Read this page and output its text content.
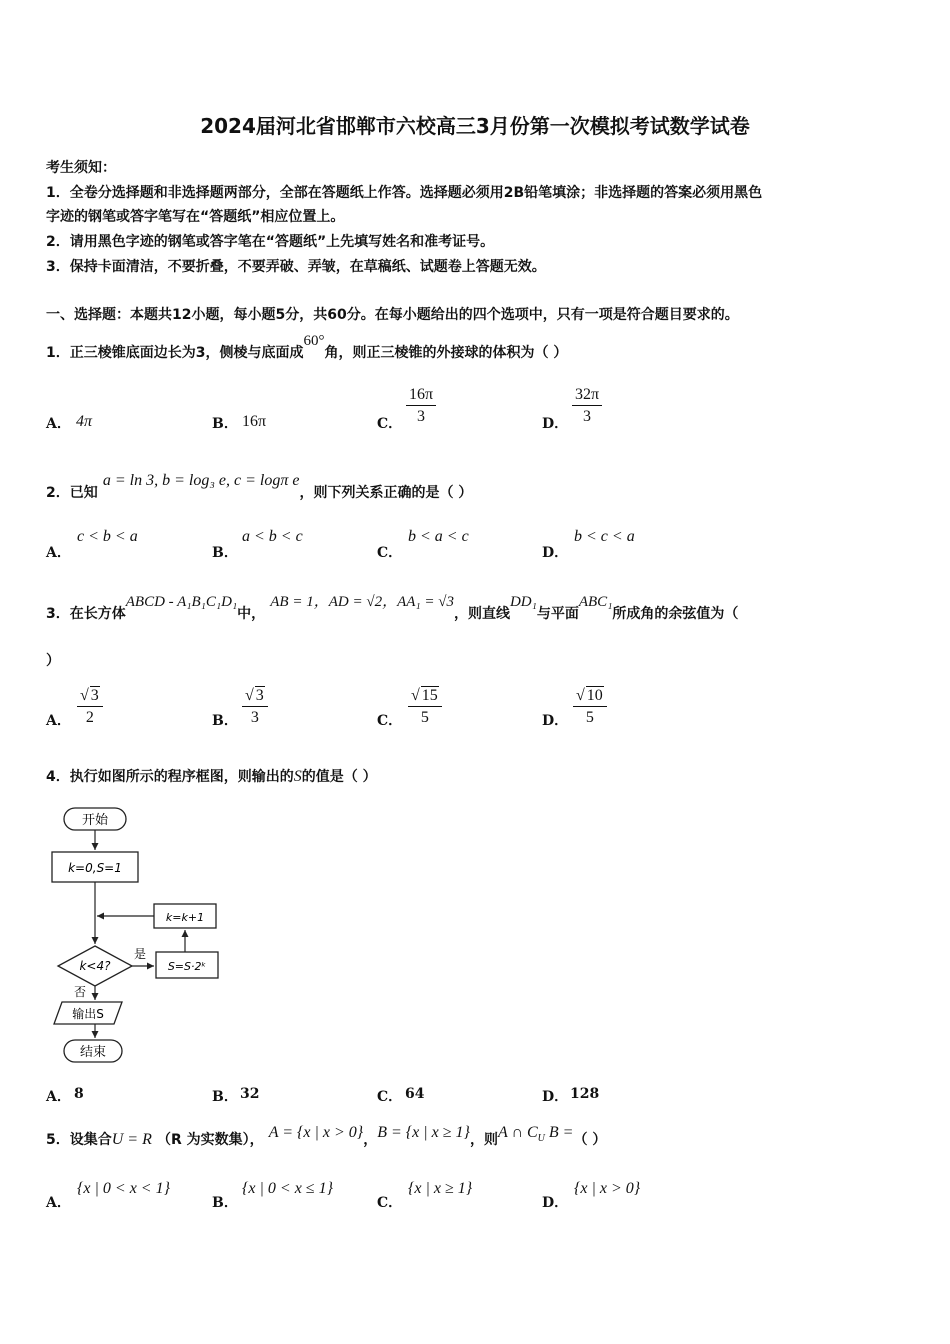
2024届河北省邯郸市六校高三3月份第一次模拟考试数学试卷
考生须知：
1．全卷分选择题和非选择题两部分，全部在答题纸上作答。选择题必须用2B铅笔填涂；非选择题的答案必须用黑色
字迹的钢笔或答字笔写在“答题纸”相应位置上。
2．请用黑色字迹的钢笔或答字笔在“答题纸”上先填写姓名和准考证号。
3．保持卡面清洁，不要折叠，不要弄破、弄皱，在草稿纸、试题卷上答题无效。
一、选择题：本题共12小题，每小题5分，共60分。在每小题给出的四个选项中，只有一项是符合题目要求的。
1．正三棱锥底面边长为3，侧棱与底面成60°角，则正三棱锥的外接球的体积为（ ）
A． 4π	B． 16π	C． $\frac{16\pi}{3}$	D． $\frac{32\pi}{3}$
2．已知 a = ln 3, b = log₃ e, c = logπ e，则下列关系正确的是（ ）
A．
c < b < a
B．
a < b < c
C．
b < a < c
D．
b < c < a
3．在长方体ABCD - A₁B₁C₁D₁中， AB = 1，AD = √2，AA₁ = √3，则直线DD₁与平面ABC₁所成角的余弦值为（
）
A． $\frac{√ 3}{2}$	B． $\frac{√ 3}{3}$	C． $\frac{√ 15}{5}$	D． $\frac{√ 10}{5}$
4．执行如图所示的程序框图，则输出的S的值是（ ）
开始
k=0,S=1
k=k+1
k<4?
是
S=S·2ᵏ
否
输出S
结束
A． 8	B． 32	C． 64	D． 128
5．设集合U = R （R 为实数集）， A = {x | x > 0}，B = {x | x ≥ 1}，则A ∩ $C_U$ B =（ ）
A．
{x | 0 < x < 1}
B．
{x | 0 < x ≤ 1}
C．
{x | x ≥ 1}
D．
{x | x > 0}
